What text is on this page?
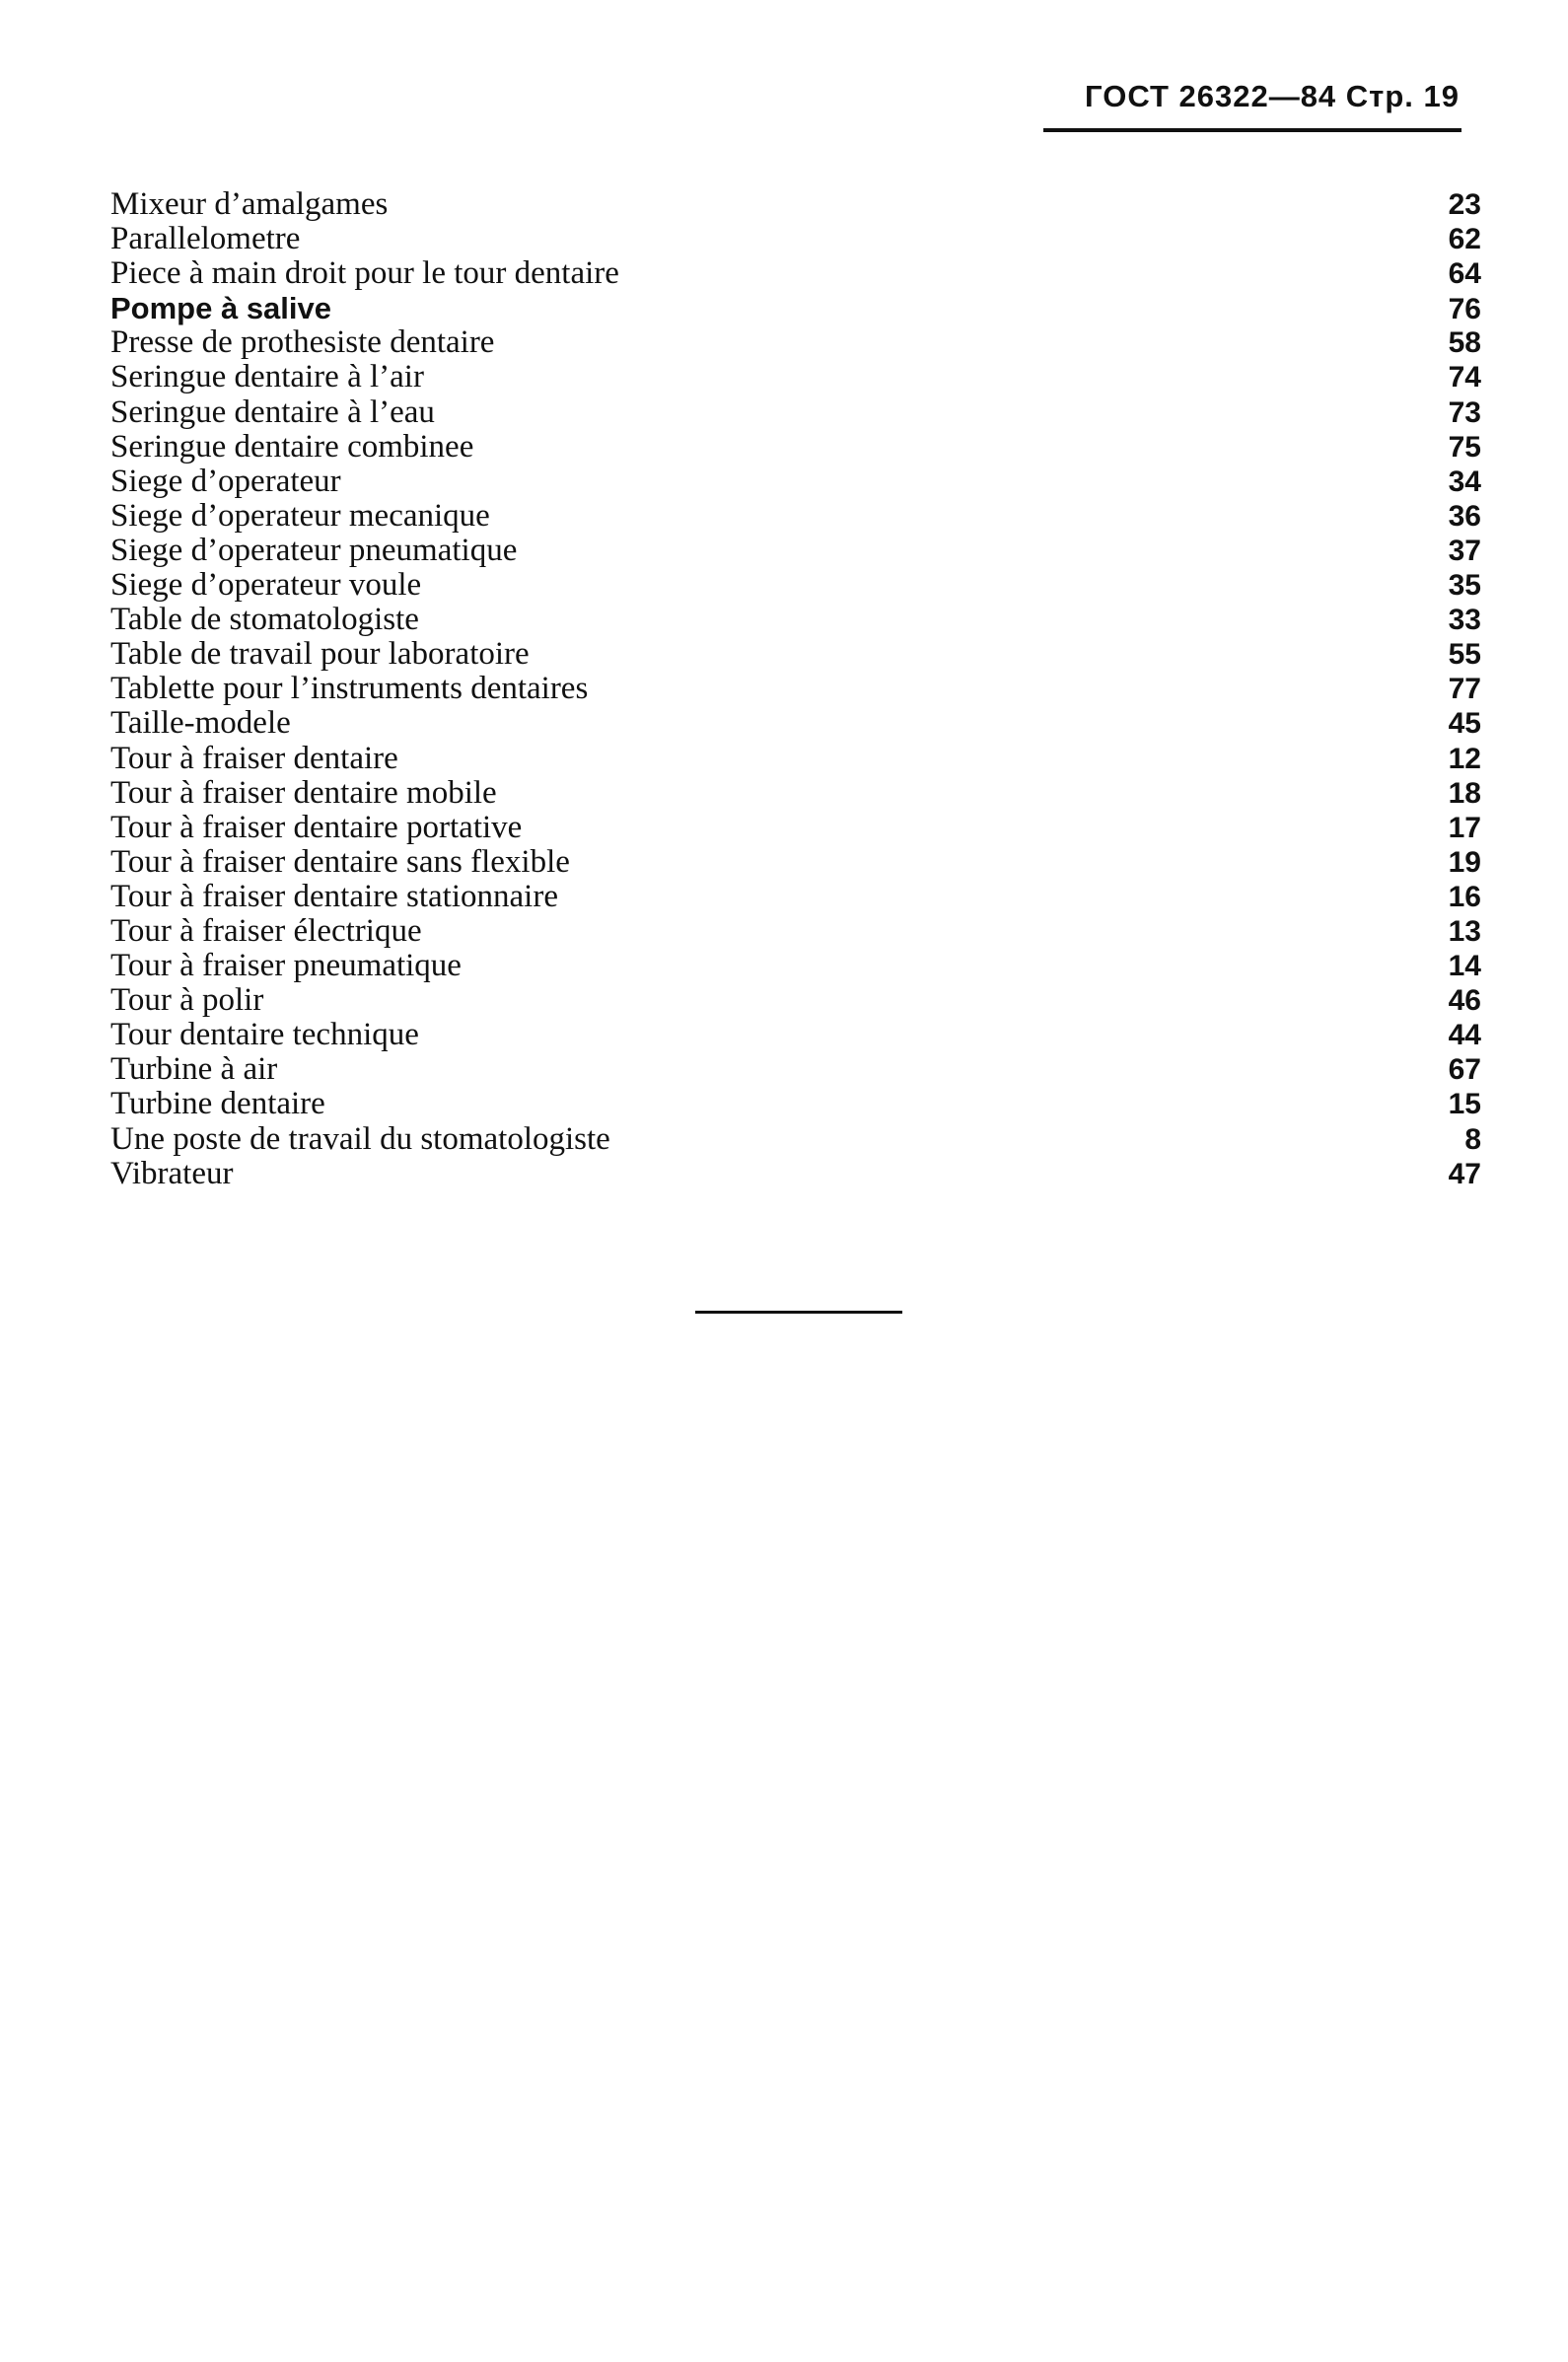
ГОСТ 26322—84 Стр. 19
Mixeur d’amalgames	23
Parallelometre	62
Piece à main droit pour le tour dentaire	64
Pompe à salive	76
Presse de prothesiste dentaire	58
Seringue dentaire à l’air	74
Seringue dentaire à l’eau	73
Seringue dentaire combinee	75
Siege d’operateur	34
Siege d’operateur mecanique	36
Siege d’operateur pneumatique	37
Siege d’operateur voule	35
Table de stomatologiste	33
Table de travail pour laboratoire	55
Tablette pour l’instruments dentaires	77
Taille-modele	45
Tour à fraiser dentaire	12
Tour à fraiser dentaire mobile	18
Tour à fraiser dentaire portative	17
Tour à fraiser dentaire sans flexible	19
Tour à fraiser dentaire stationnaire	16
Tour à fraiser électrique	13
Tour à fraiser pneumatique	14
Tour à polir	46
Tour dentaire technique	44
Turbine à air	67
Turbine dentaire	15
Une poste de travail du stomatologiste	8
Vibrateur	47
